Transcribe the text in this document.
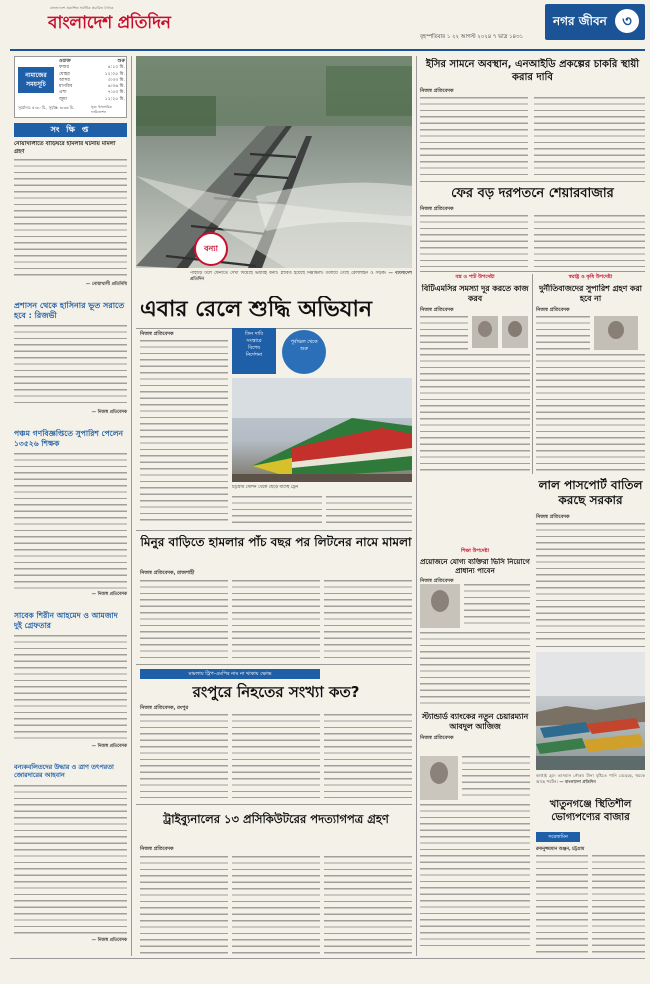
বাংলাদেশে প্রকাশিত সর্বাধিক প্রচারিত দৈনিক
বাংলাদেশ প্রতিদিন
বৃহস্পতিবার ১ ২২ আগস্ট ২০২৪ ৭ ভাদ্র ১৪৩১
নগর জীবন	৩
নামাজের সময়সূচি
ওয়াক্ত	শুরু
ফজর	৪:১০ মি.
যোহর	১২:০৫ মি.
আসর	৩:৩৩ মি.
মাগরিব	৬:৩৬ মি.
এশা	৭:৫৩ মি.
জুমা	১২:২৫ মি.
সূর্যোদয়: ৫:৩০ মি., সূর্যাস্ত: ৬:৩৬ মি.	সূত্র: ইসলামিক ফাউন্ডেশন
সং ক্ষি প্ত
নোয়াখালীতে বাড়িঘরে হামলার ঘটনায় মামলা গ্রহণ
— নোয়াখালী প্রতিনিধি
প্রশাসন থেকে হাসিনার ভূত সরাতে হবে : রিজভী
— নিজস্ব প্রতিবেদক
পঞ্চম গণবিজ্ঞপ্তিতে সুপারিশ পেলেন ১৩৫২৬ শিক্ষক
— নিজস্ব প্রতিবেদক
সাবেক শিরীন আহমেদ ও আমজাদ দুই গ্রেফতার
— নিজস্ব প্রতিবেদক
বন্যকবলিতদের উদ্ধার ও ত্রাণ তৎপরতা জোরদারের আহবান
— নিজস্ব প্রতিবেদক
বন্যা
পাহাড়ি ঢলে ফেনীতে দেখা দিয়েছে ভয়াবহ বন্যা। প্লাবিত হয়েছে নিম্নাঞ্চল। তলিয়ে গেছে রেললাইন ও সড়ক। — বাংলাদেশ প্রতিদিন
এবার রেলে শুদ্ধি অভিযান
নিজস্ব প্রতিবেদক	তিন দাবি
সংস্কারে
বিশেষ
নির্দেশনা
পূর্বাঞ্চল থেকে শুরু
চট্টগ্রাম স্টেশন থেকে ছেড়ে যাচ্ছে ট্রেন
মিনুর বাড়িতে হামলার পাঁচ বছর পর লিটনের নামে মামলা
নিজস্ব প্রতিবেদক, রাজশাহী
মামলায় ট্রিপ-এমপির নাম না থাকায় ক্ষোভ
রংপুরে নিহতের সংখ্যা কত?
নিজস্ব প্রতিবেদক, রংপুর
ট্রাইব্যুনালের ১৩ প্রসিকিউটরের পদত্যাগপত্র গ্রহণ
নিজস্ব প্রতিবেদক
ইসির সামনে অবস্থান, এনআইডি প্রকল্পের চাকরি স্থায়ী করার দাবি
নিজস্ব প্রতিবেদক
ফের বড় দরপতনে শেয়ারবাজার
নিজস্ব প্রতিবেদক
বস্ত্র ও পাট উপদেষ্টা
বিটিএমসির সমস্যা দূর করতে কাজ করব
নিজস্ব প্রতিবেদক
স্বরাষ্ট্র ও কৃষি উপদেষ্টা
দুর্নীতিবাজদের সুপারিশ গ্রহণ করা হবে না
নিজস্ব প্রতিবেদক
শিক্ষা উপদেষ্টা
প্রয়োজনে যোগ্য ব্যক্তিরা ভিসি নিয়োগে প্রাধান্য পাবেন
নিজস্ব প্রতিবেদক
লাল পাসপোর্ট বাতিল করছে সরকার
নিজস্ব প্রতিবেদক
স্ট্যান্ডার্ড ব্যাংকের নতুন চেয়ারম্যান আবদুল আজিজ
নিজস্ব প্রতিবেদক
কাপ্তাই হ্রদে ভাসমান নৌকা। টানা বৃষ্টিতে পানি বেড়েছে, থমকে আছে পর্যটন। — বাংলাদেশ প্রতিদিন
খাতুনগঞ্জে স্থিতিশীল ভোগ্যপণ্যের বাজার
সরেজমিন
রুকনুজ্জামান অঞ্জন, চট্টগ্রাম
